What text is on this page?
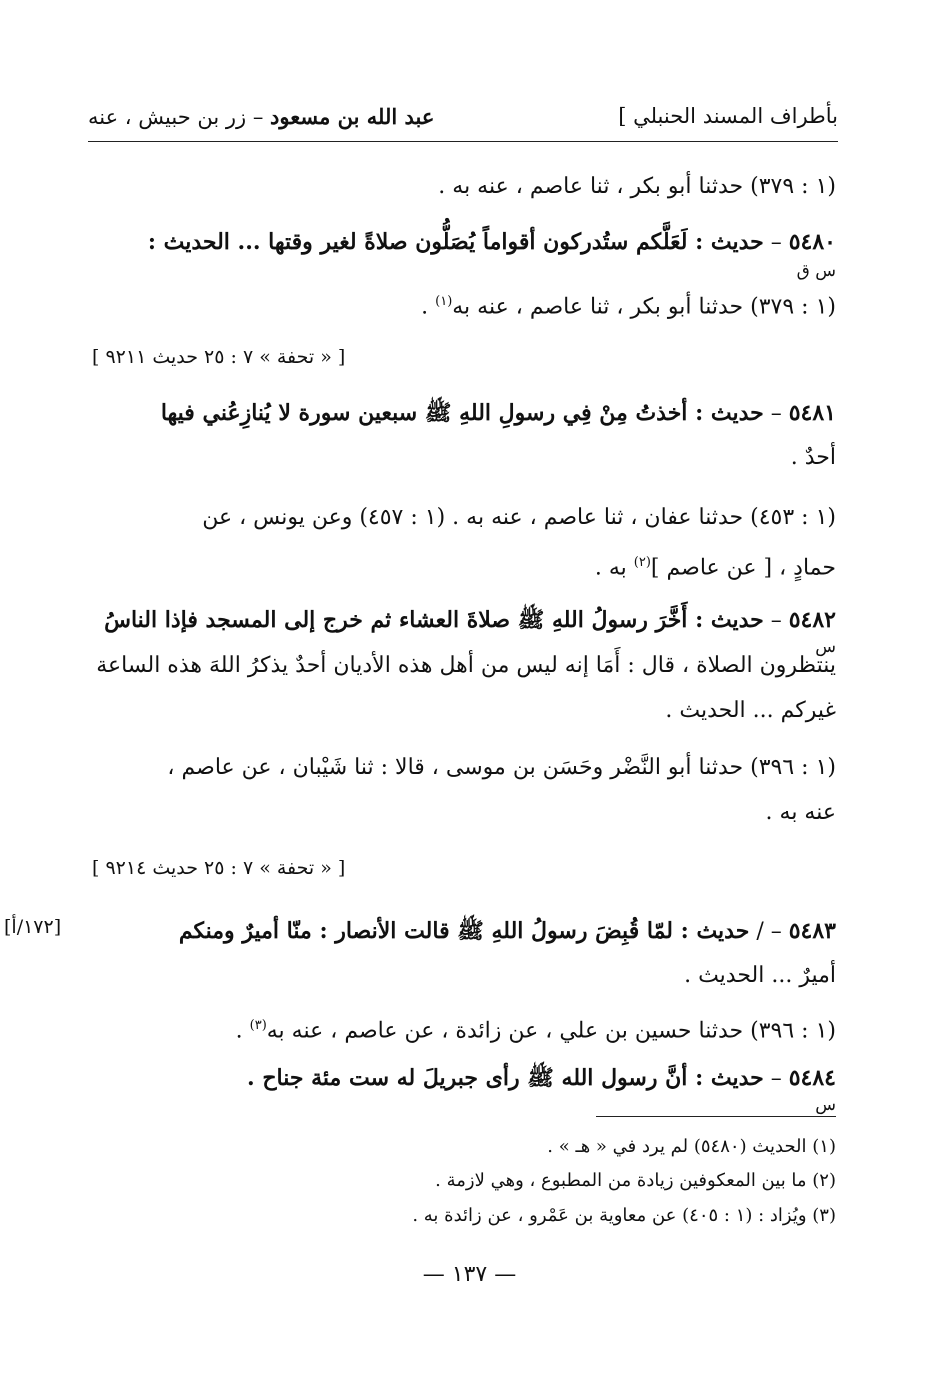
بأطراف المسند الحنبلي ]
عبد الله بن مسعود – زر بن حبيش ، عنه
(١ : ٣٧٩) حدثنا أبو بكر ، ثنا عاصم ، عنه به .
٥٤٨٠ – حديث : لَعَلَّكم ستُدركون أقواماً يُصَلُّون صلاةً لغير وقتها ... الحديث :
س ق
(١ : ٣٧٩) حدثنا أبو بكر ، ثنا عاصم ، عنه به$^{(١)}$ .
[ « تحفة » ٧ : ٢٥ حديث ٩٢١١ ]
٥٤٨١ – حديث : أخذتُ مِنْ فِي رسولِ اللهِ ﷺ سبعين سورة لا يُنازِعُني فيها
أحدٌ .
(١ : ٤٥٣) حدثنا عفان ، ثنا عاصم ، عنه به . (١ : ٤٥٧) وعن يونس ، عن
حمادٍ ، [ عن عاصم ]$^{(٢)}$ به .
٥٤٨٢ – حديث : أَخَّرَ رسولُ اللهِ ﷺ صلاةَ العشاء ثم خرج إلى المسجد فإذا الناسُ
س
ينتظرون الصلاة ، قال : أَمَا إنه ليس من أهل هذه الأديان أحدٌ يذكرُ اللهَ هذه الساعة
غيركم ... الحديث .
(١ : ٣٩٦) حدثنا أبو النَّضْر وحَسَن بن موسى ، قالا : ثنا شَيْبان ، عن عاصم ،
عنه به .
[ « تحفة » ٧ : ٢٥ حديث ٩٢١٤ ]
[١٧٢/أ]	٥٤٨٣ – / حديث : لمّا قُبِضَ رسولُ اللهِ ﷺ قالت الأنصار : منّا أميرٌ ومنكم
أميرٌ ... الحديث .
(١ : ٣٩٦) حدثنا حسين بن علي ، عن زائدة ، عن عاصم ، عنه به$^{(٣)}$ .
٥٤٨٤ – حديث : أنَّ رسول الله ﷺ رأى جبريلَ له ست مئة جناح .
س
(١) الحديث (٥٤٨٠) لم يرد في « هـ » .
(٢) ما بين المعكوفين زيادة من المطبوع ، وهي لازمة .
(٣) ويُزاد : (١ : ٤٠٥) عن معاوية بن عَمْرو ، عن زائدة به .
— ١٣٧ —
